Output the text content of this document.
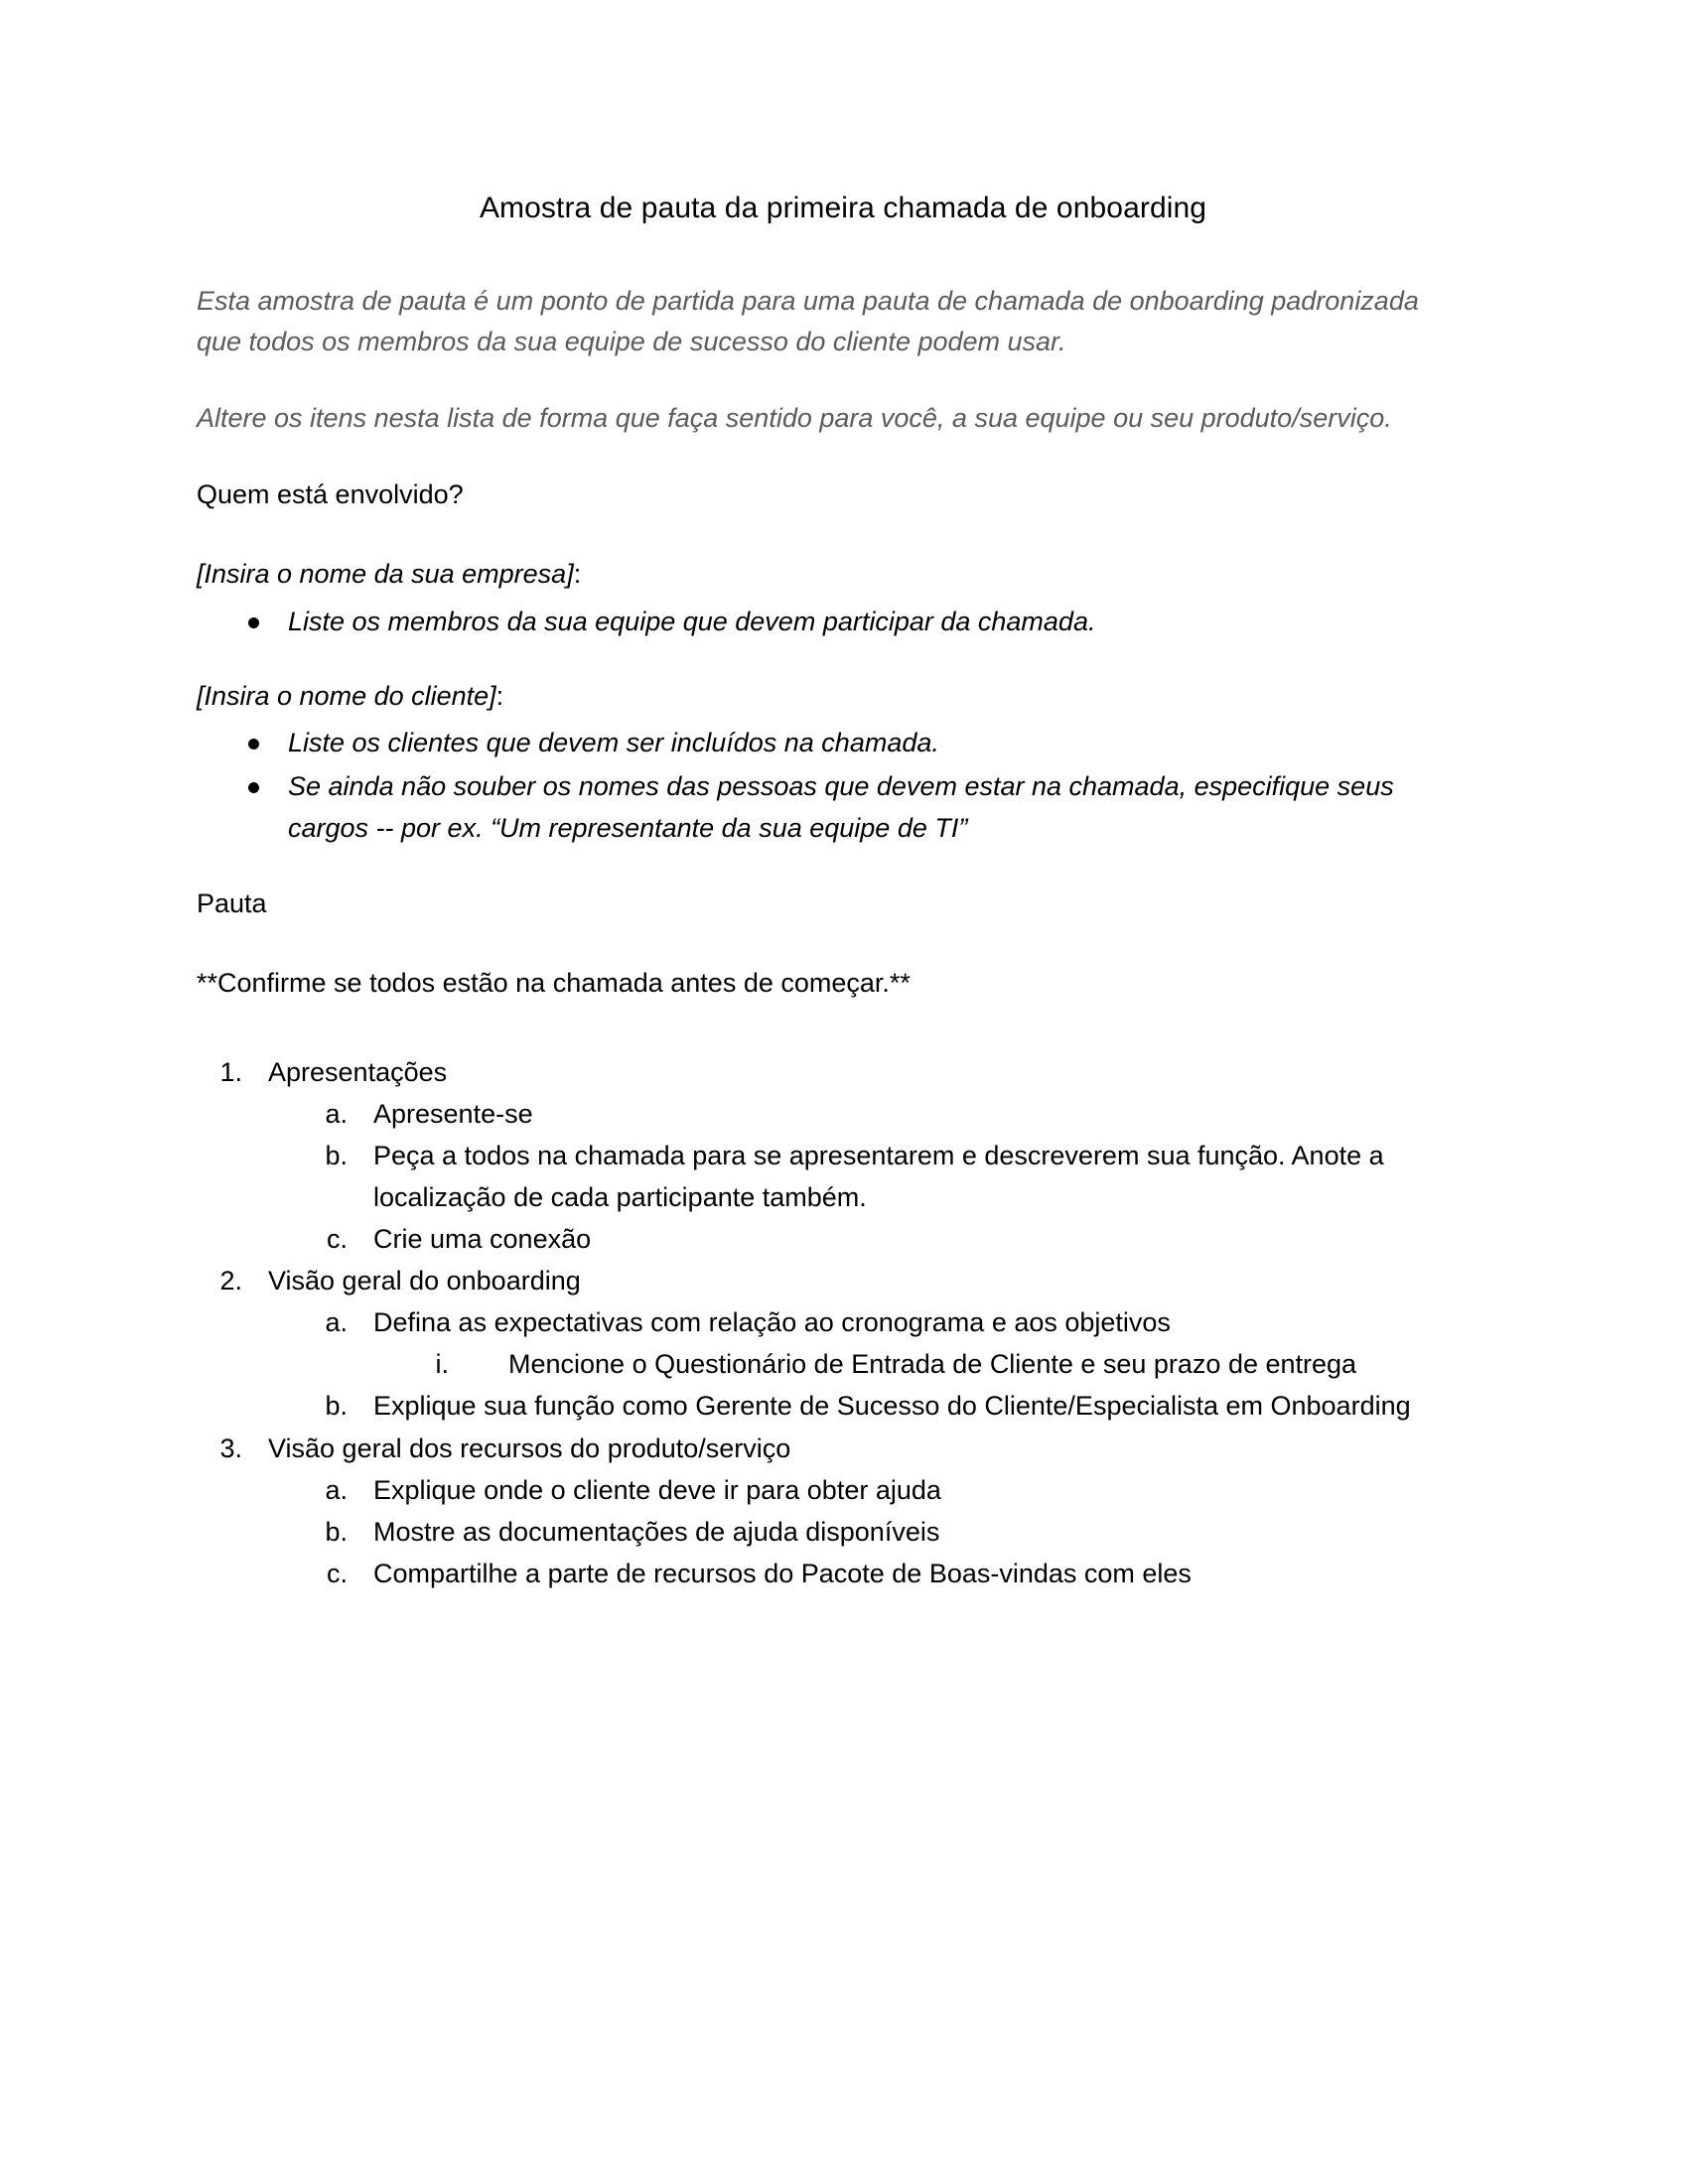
Amostra de pauta da primeira chamada de onboarding

Esta amostra de pauta é um ponto de partida para uma pauta de chamada de onboarding padronizada que todos os membros da sua equipe de sucesso do cliente podem usar.

Altere os itens nesta lista de forma que faça sentido para você, a sua equipe ou seu produto/serviço.

Quem está envolvido?

[Insira o nome da sua empresa]:

Liste os membros da sua equipe que devem participar da chamada.

[Insira o nome do cliente]:

Liste os clientes que devem ser incluídos na chamada.
Se ainda não souber os nomes das pessoas que devem estar na chamada, especifique seus cargos -- por ex. “Um representante da sua equipe de TI”

Pauta

**Confirme se todos estão na chamada antes de começar.**

1. Apresentações
a. Apresente-se
b. Peça a todos na chamada para se apresentarem e descreverem sua função. Anote a localização de cada participante também.
c. Crie uma conexão
2. Visão geral do onboarding
a. Defina as expectativas com relação ao cronograma e aos objetivos
i. Mencione o Questionário de Entrada de Cliente e seu prazo de entrega
b. Explique sua função como Gerente de Sucesso do Cliente/Especialista em Onboarding
3. Visão geral dos recursos do produto/serviço
a. Explique onde o cliente deve ir para obter ajuda
b. Mostre as documentações de ajuda disponíveis
c. Compartilhe a parte de recursos do Pacote de Boas-vindas com eles
